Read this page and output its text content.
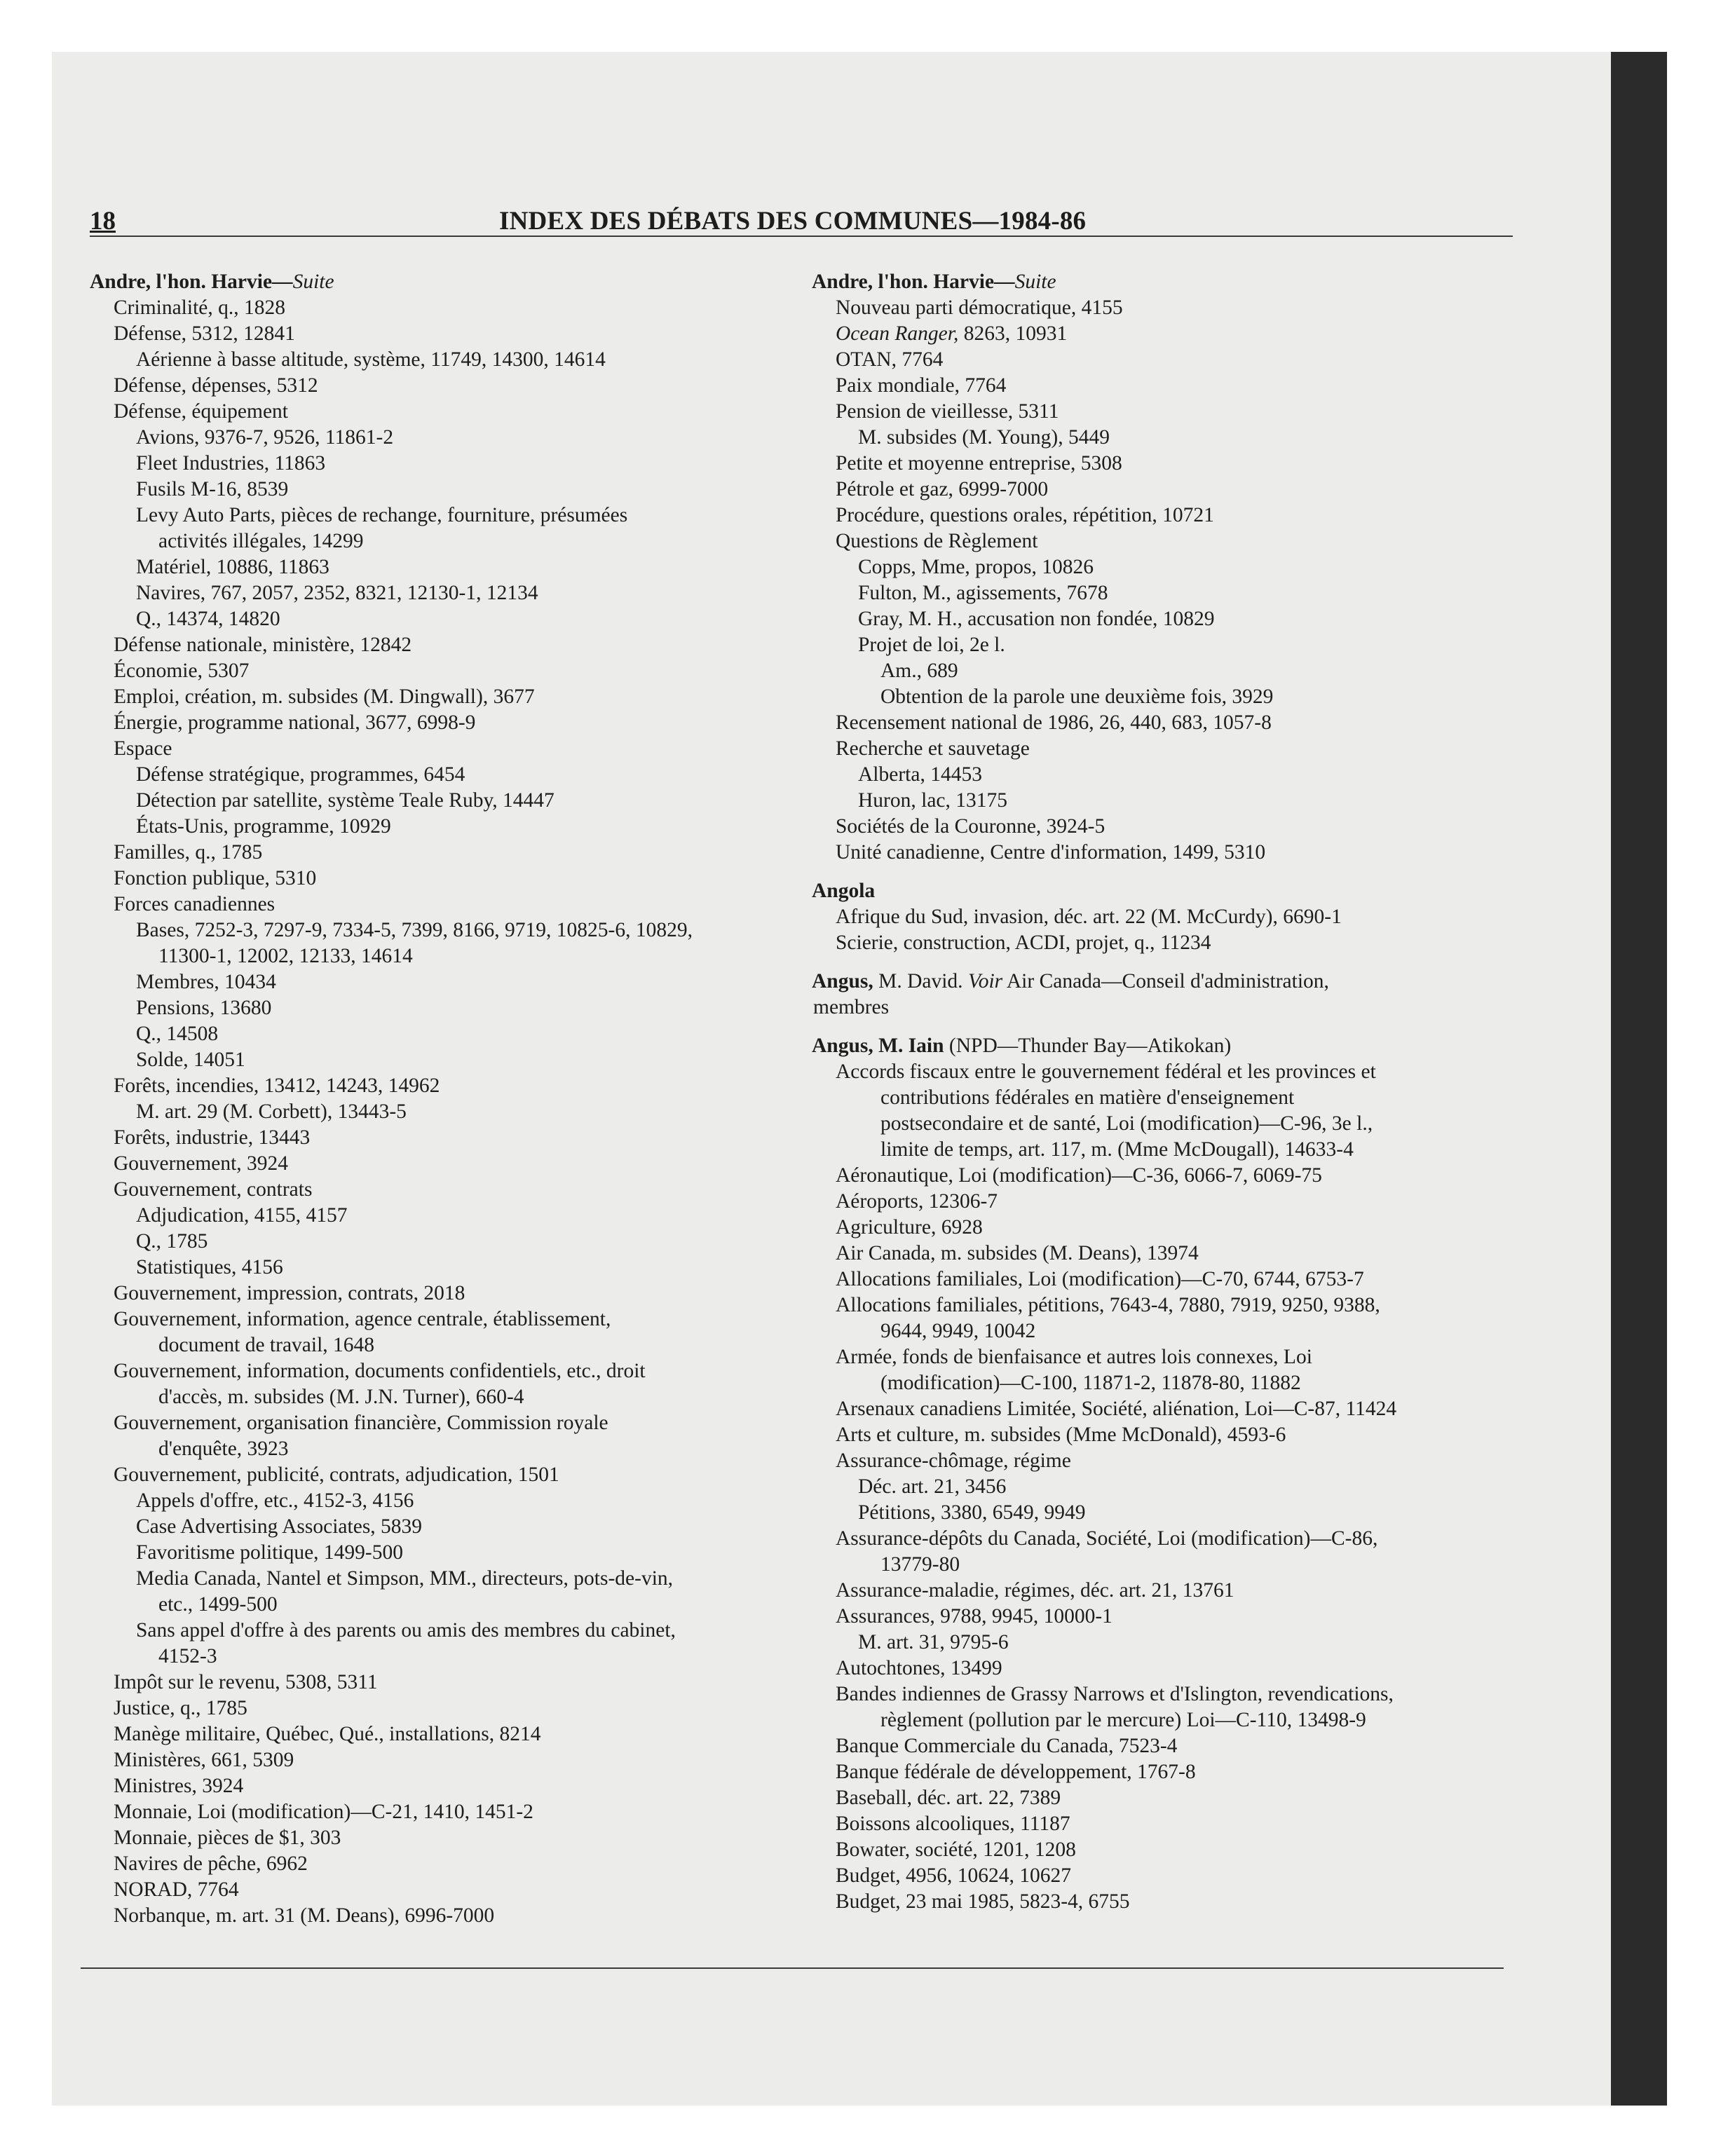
18	INDEX DES DÉBATS DES COMMUNES—1984-86
Andre, l'hon. Harvie—Suite
Criminalité, q., 1828
Défense, 5312, 12841
Aérienne à basse altitude, système, 11749, 14300, 14614
Défense, dépenses, 5312
Défense, équipement
Avions, 9376-7, 9526, 11861-2
Fleet Industries, 11863
Fusils M-16, 8539
Levy Auto Parts, pièces de rechange, fourniture, présumées
activités illégales, 14299
Matériel, 10886, 11863
Navires, 767, 2057, 2352, 8321, 12130-1, 12134
Q., 14374, 14820
Défense nationale, ministère, 12842
Économie, 5307
Emploi, création, m. subsides (M. Dingwall), 3677
Énergie, programme national, 3677, 6998-9
Espace
Défense stratégique, programmes, 6454
Détection par satellite, système Teale Ruby, 14447
États-Unis, programme, 10929
Familles, q., 1785
Fonction publique, 5310
Forces canadiennes
Bases, 7252-3, 7297-9, 7334-5, 7399, 8166, 9719, 10825-6, 10829,
11300-1, 12002, 12133, 14614
Membres, 10434
Pensions, 13680
Q., 14508
Solde, 14051
Forêts, incendies, 13412, 14243, 14962
M. art. 29 (M. Corbett), 13443-5
Forêts, industrie, 13443
Gouvernement, 3924
Gouvernement, contrats
Adjudication, 4155, 4157
Q., 1785
Statistiques, 4156
Gouvernement, impression, contrats, 2018
Gouvernement, information, agence centrale, établissement,
document de travail, 1648
Gouvernement, information, documents confidentiels, etc., droit
d'accès, m. subsides (M. J.N. Turner), 660-4
Gouvernement, organisation financière, Commission royale
d'enquête, 3923
Gouvernement, publicité, contrats, adjudication, 1501
Appels d'offre, etc., 4152-3, 4156
Case Advertising Associates, 5839
Favoritisme politique, 1499-500
Media Canada, Nantel et Simpson, MM., directeurs, pots-de-vin,
etc., 1499-500
Sans appel d'offre à des parents ou amis des membres du cabinet,
4152-3
Impôt sur le revenu, 5308, 5311
Justice, q., 1785
Manège militaire, Québec, Qué., installations, 8214
Ministères, 661, 5309
Ministres, 3924
Monnaie, Loi (modification)—C-21, 1410, 1451-2
Monnaie, pièces de $1, 303
Navires de pêche, 6962
NORAD, 7764
Norbanque, m. art. 31 (M. Deans), 6996-7000
Andre, l'hon. Harvie—Suite
Nouveau parti démocratique, 4155
Ocean Ranger, 8263, 10931
OTAN, 7764
Paix mondiale, 7764
Pension de vieillesse, 5311
M. subsides (M. Young), 5449
Petite et moyenne entreprise, 5308
Pétrole et gaz, 6999-7000
Procédure, questions orales, répétition, 10721
Questions de Règlement
Copps, Mme, propos, 10826
Fulton, M., agissements, 7678
Gray, M. H., accusation non fondée, 10829
Projet de loi, 2e l.
Am., 689
Obtention de la parole une deuxième fois, 3929
Recensement national de 1986, 26, 440, 683, 1057-8
Recherche et sauvetage
Alberta, 14453
Huron, lac, 13175
Sociétés de la Couronne, 3924-5
Unité canadienne, Centre d'information, 1499, 5310
Angola
Afrique du Sud, invasion, déc. art. 22 (M. McCurdy), 6690-1
Scierie, construction, ACDI, projet, q., 11234
Angus, M. David. Voir Air Canada—Conseil d'administration,
membres
Angus, M. Iain (NPD—Thunder Bay—Atikokan)
Accords fiscaux entre le gouvernement fédéral et les provinces et
contributions fédérales en matière d'enseignement
postsecondaire et de santé, Loi (modification)—C-96, 3e l.,
limite de temps, art. 117, m. (Mme McDougall), 14633-4
Aéronautique, Loi (modification)—C-36, 6066-7, 6069-75
Aéroports, 12306-7
Agriculture, 6928
Air Canada, m. subsides (M. Deans), 13974
Allocations familiales, Loi (modification)—C-70, 6744, 6753-7
Allocations familiales, pétitions, 7643-4, 7880, 7919, 9250, 9388,
9644, 9949, 10042
Armée, fonds de bienfaisance et autres lois connexes, Loi
(modification)—C-100, 11871-2, 11878-80, 11882
Arsenaux canadiens Limitée, Société, aliénation, Loi—C-87, 11424
Arts et culture, m. subsides (Mme McDonald), 4593-6
Assurance-chômage, régime
Déc. art. 21, 3456
Pétitions, 3380, 6549, 9949
Assurance-dépôts du Canada, Société, Loi (modification)—C-86,
13779-80
Assurance-maladie, régimes, déc. art. 21, 13761
Assurances, 9788, 9945, 10000-1
M. art. 31, 9795-6
Autochtones, 13499
Bandes indiennes de Grassy Narrows et d'Islington, revendications,
règlement (pollution par le mercure) Loi—C-110, 13498-9
Banque Commerciale du Canada, 7523-4
Banque fédérale de développement, 1767-8
Baseball, déc. art. 22, 7389
Boissons alcooliques, 11187
Bowater, société, 1201, 1208
Budget, 4956, 10624, 10627
Budget, 23 mai 1985, 5823-4, 6755
